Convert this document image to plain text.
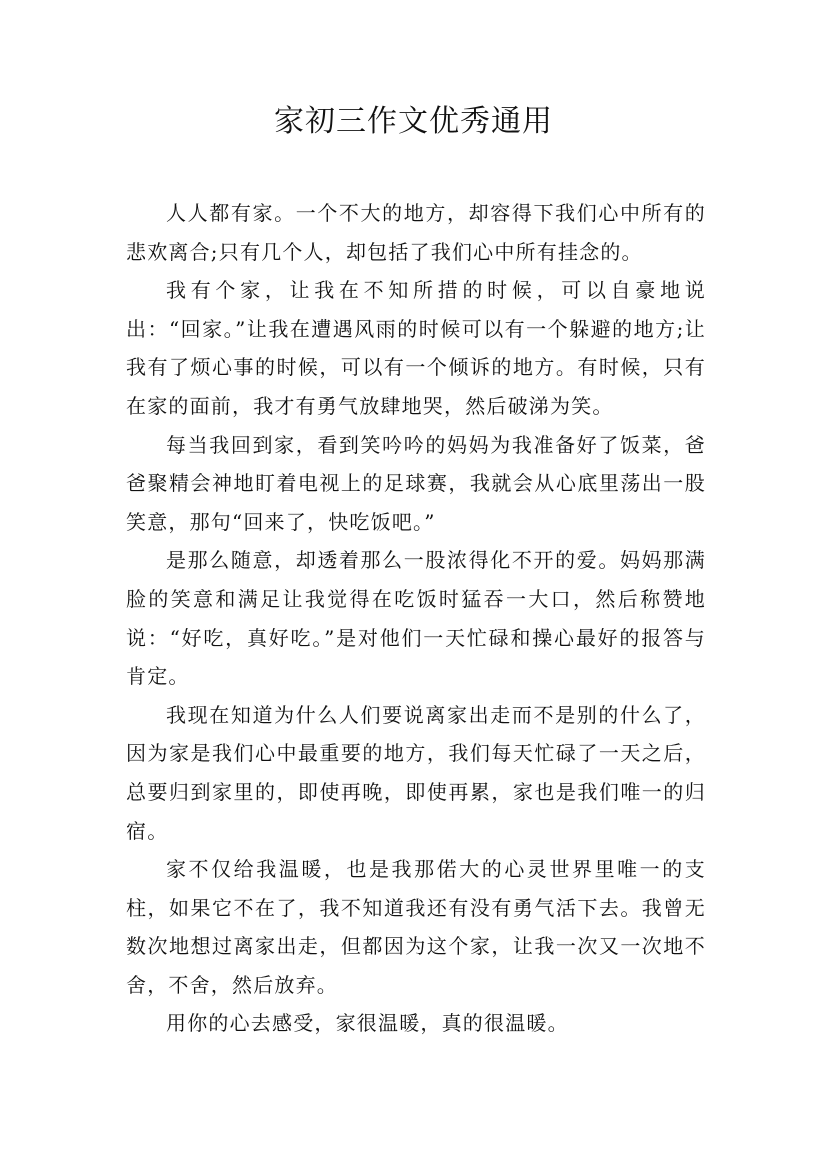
家初三作文优秀通用

人人都有家。一个不大的地方，却容得下我们心中所有的悲欢离合;只有几个人，却包括了我们心中所有挂念的。

我有个家，让我在不知所措的时候，可以自豪地说出：“回家。”让我在遭遇风雨的时候可以有一个躲避的地方;让我有了烦心事的时候，可以有一个倾诉的地方。有时候，只有在家的面前，我才有勇气放肆地哭，然后破涕为笑。

每当我回到家，看到笑吟吟的妈妈为我准备好了饭菜，爸爸聚精会神地盯着电视上的足球赛，我就会从心底里荡出一股笑意，那句“回来了，快吃饭吧。”

是那么随意，却透着那么一股浓得化不开的爱。妈妈那满脸的笑意和满足让我觉得在吃饭时猛吞一大口，然后称赞地说：“好吃，真好吃。”是对他们一天忙碌和操心最好的报答与肯定。

我现在知道为什么人们要说离家出走而不是别的什么了，因为家是我们心中最重要的地方，我们每天忙碌了一天之后，总要归到家里的，即使再晚，即使再累，家也是我们唯一的归宿。

家不仅给我温暖，也是我那偌大的心灵世界里唯一的支柱，如果它不在了，我不知道我还有没有勇气活下去。我曾无数次地想过离家出走，但都因为这个家，让我一次又一次地不舍，不舍，然后放弃。

用你的心去感受，家很温暖，真的很温暖。
